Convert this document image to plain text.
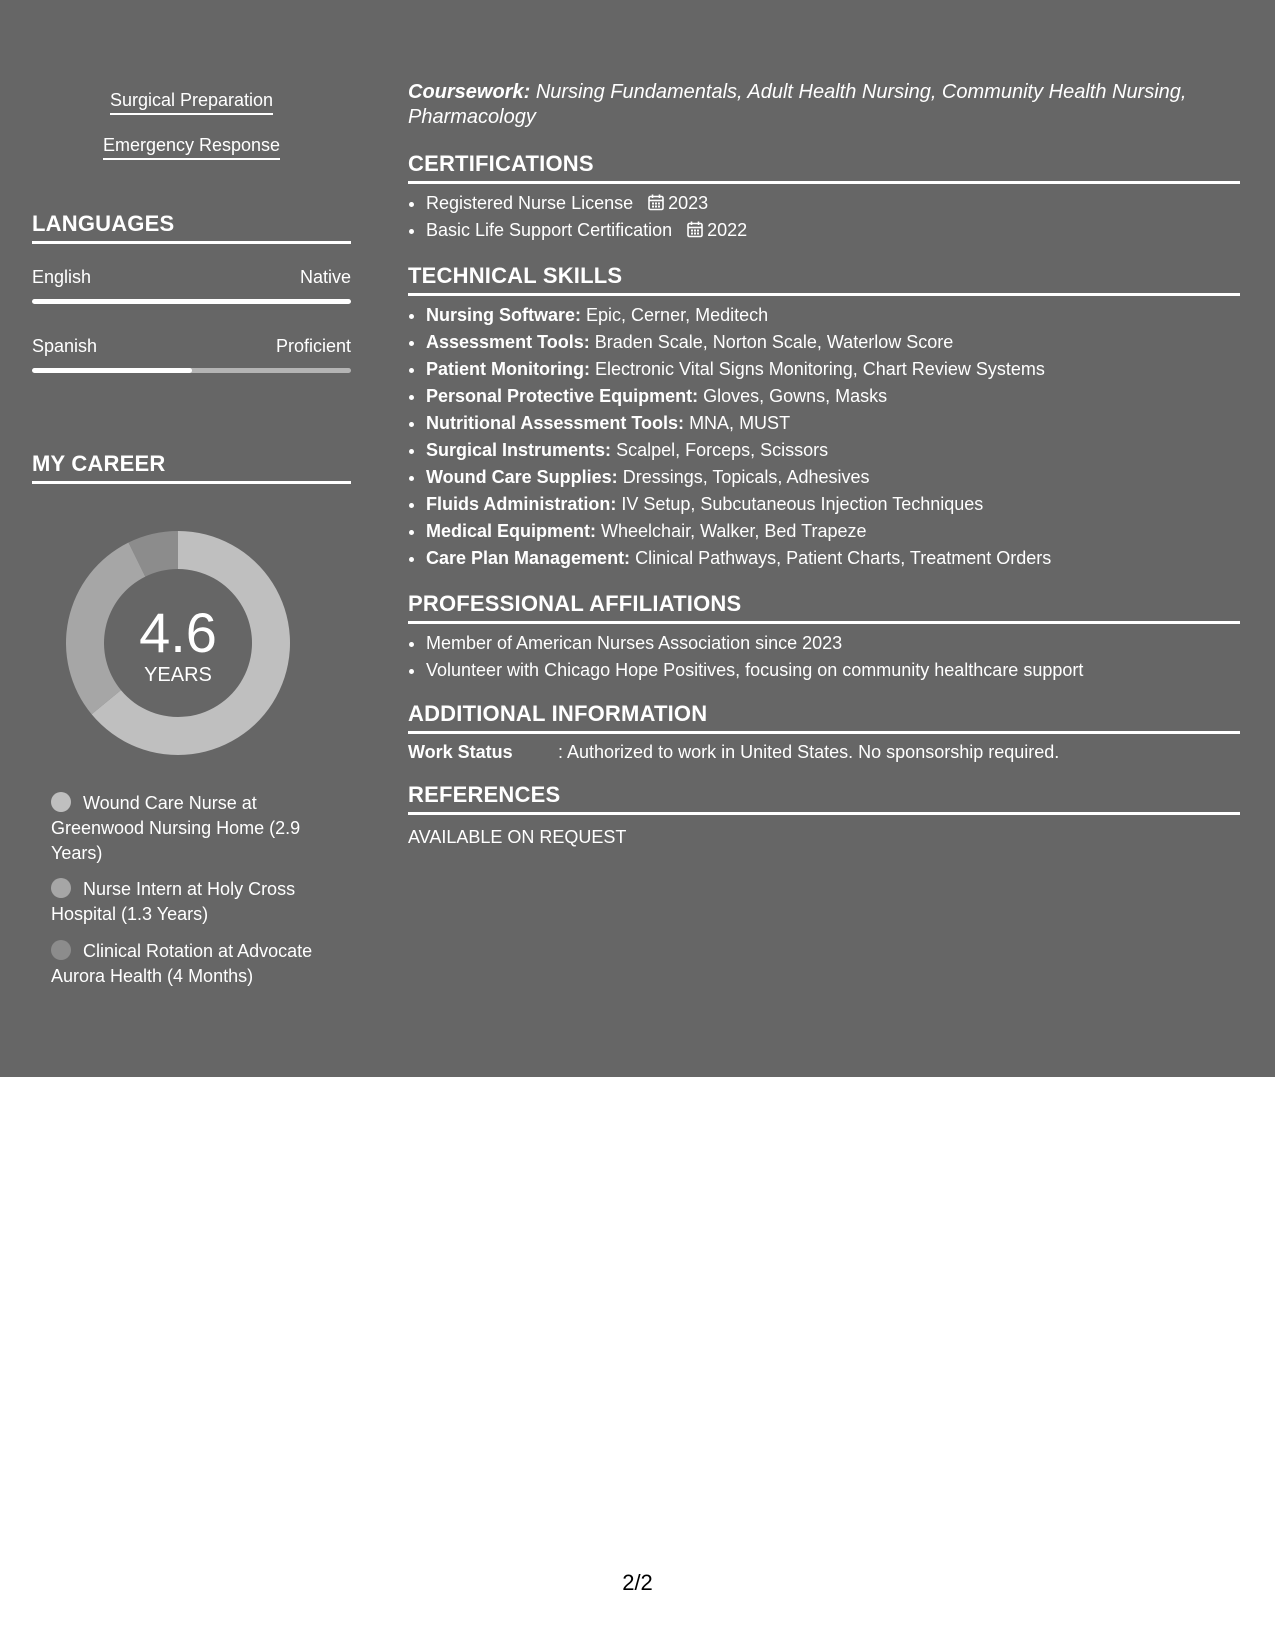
Surgical Preparation
Emergency Response
LANGUAGES
English	Native
Spanish	Proficient
MY CAREER
4.6
YEARS
Wound Care Nurse at Greenwood Nursing Home (2.9 Years)
Nurse Intern at Holy Cross Hospital (1.3 Years)
Clinical Rotation at Advocate Aurora Health (4 Months)
Coursework: Nursing Fundamentals, Adult Health Nursing, Community Health Nursing, Pharmacology
CERTIFICATIONS
• Registered Nurse License 2023
• Basic Life Support Certification 2022
TECHNICAL SKILLS
• Nursing Software: Epic, Cerner, Meditech
• Assessment Tools: Braden Scale, Norton Scale, Waterlow Score
• Patient Monitoring: Electronic Vital Signs Monitoring, Chart Review Systems
• Personal Protective Equipment: Gloves, Gowns, Masks
• Nutritional Assessment Tools: MNA, MUST
• Surgical Instruments: Scalpel, Forceps, Scissors
• Wound Care Supplies: Dressings, Topicals, Adhesives
• Fluids Administration: IV Setup, Subcutaneous Injection Techniques
• Medical Equipment: Wheelchair, Walker, Bed Trapeze
• Care Plan Management: Clinical Pathways, Patient Charts, Treatment Orders
PROFESSIONAL AFFILIATIONS
• Member of American Nurses Association since 2023
• Volunteer with Chicago Hope Positives, focusing on community healthcare support
ADDITIONAL INFORMATION
Work Status	: Authorized to work in United States. No sponsorship required.
REFERENCES
AVAILABLE ON REQUEST
2/2
